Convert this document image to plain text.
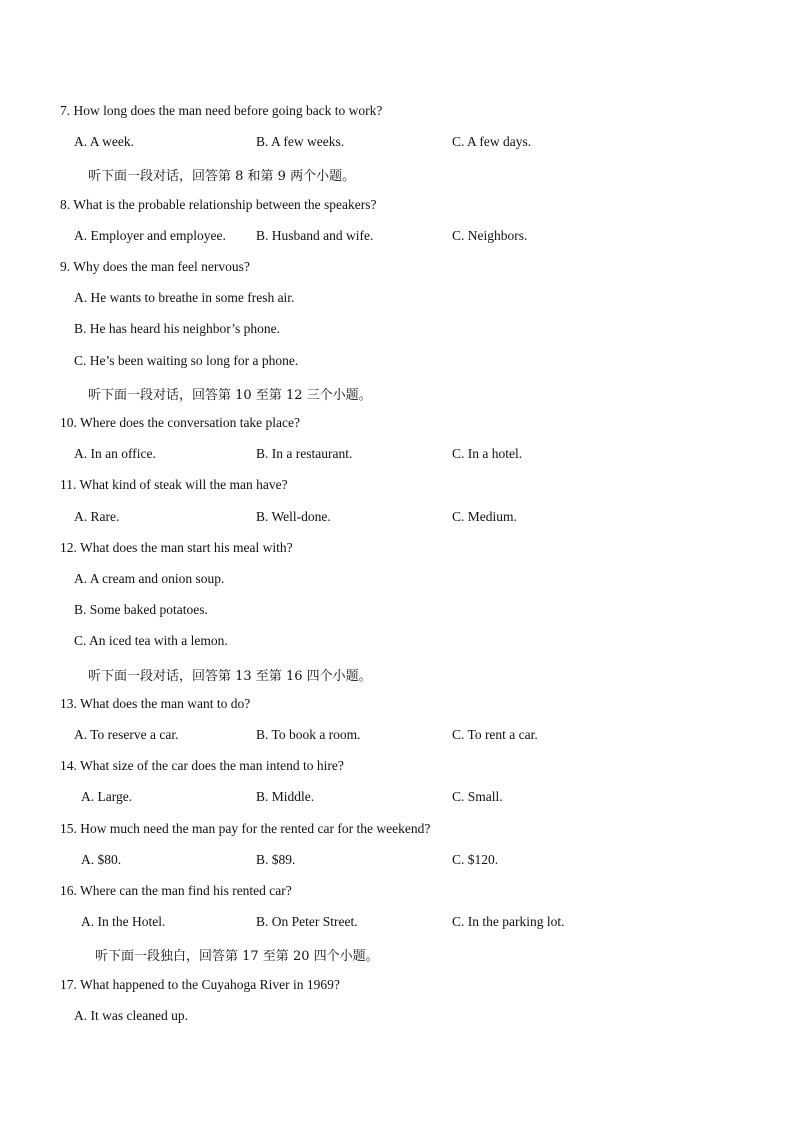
7. How long does the man need before going back to work?
A. A week.	B. A few weeks.	C. A few days.
听下面一段对话，回答第 8 和第 9 两个小题。
8. What is the probable relationship between the speakers?
A. Employer and employee. B. Husband and wife.	C. Neighbors.
9. Why does the man feel nervous?
A. He wants to breathe in some fresh air.
B. He has heard his neighbor’s phone.
C. He’s been waiting so long for a phone.
听下面一段对话，回答第 10 至第 12 三个小题。
10. Where does the conversation take place?
A. In an office.	B. In a restaurant.	C. In a hotel.
11. What kind of steak will the man have?
A. Rare.	B. Well-done.	C. Medium.
12. What does the man start his meal with?
A. A cream and onion soup.
B. Some baked potatoes.
C. An iced tea with a lemon.
听下面一段对话，回答第 13 至第 16 四个小题。
13. What does the man want to do?
A. To reserve a car.	B. To book a room.	C. To rent a car.
14. What size of the car does the man intend to hire?
A. Large.	B. Middle.	C. Small.
15. How much need the man pay for the rented car for the weekend?
A. $80.	B. $89.	C. $120.
16. Where can the man find his rented car?
A. In the Hotel.	B. On Peter Street.	C. In the parking lot.
听下面一段独白，回答第 17 至第 20 四个小题。
17. What happened to the Cuyahoga River in 1969?
A. It was cleaned up.
